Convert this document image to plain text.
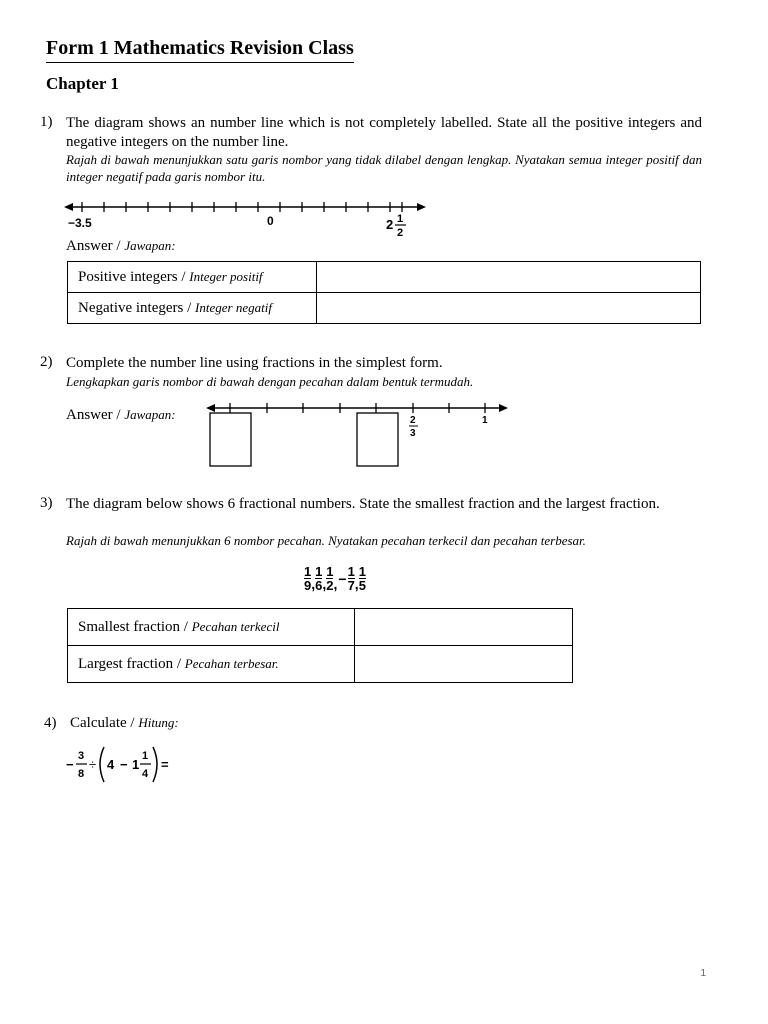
Form 1 Mathematics Revision Class
Chapter 1
1) The diagram shows an number line which is not completely labelled. State all the positive integers and negative integers on the number line.
Rajah di bawah menunjukkan satu garis nombor yang tidak dilabel dengan lengkap. Nyatakan semua integer positif dan integer negatif pada garis nombor itu.
−3.5	0	2 1
2
Answer / Jawapan:
Positive integers / Integer positif	
Negative integers / Integer negatif	
2) Complete the number line using fractions in the simplest form.
Lengkapkan garis nombor di bawah dengan pecahan dalam bentuk termudah.
Answer / Jawapan:	2
3
1
3) The diagram below shows 6 fractional numbers. State the smallest fraction and the largest fraction.
Rajah di bawah menunjukkan 6 nombor pecahan. Nyatakan pecahan terkecil dan pecahan terbesar.
$\frac{1}{9}$ , $\frac{1}{6}$ , $\frac{1}{2}$ , − $\frac{1}{7}$ , $\frac{1}{5}$
Smallest fraction / Pecahan terkecil	
Largest fraction / Pecahan terbesar.	
4) Calculate / Hitung:
−
3
8
÷ 4 − 1
1
4
=
1
